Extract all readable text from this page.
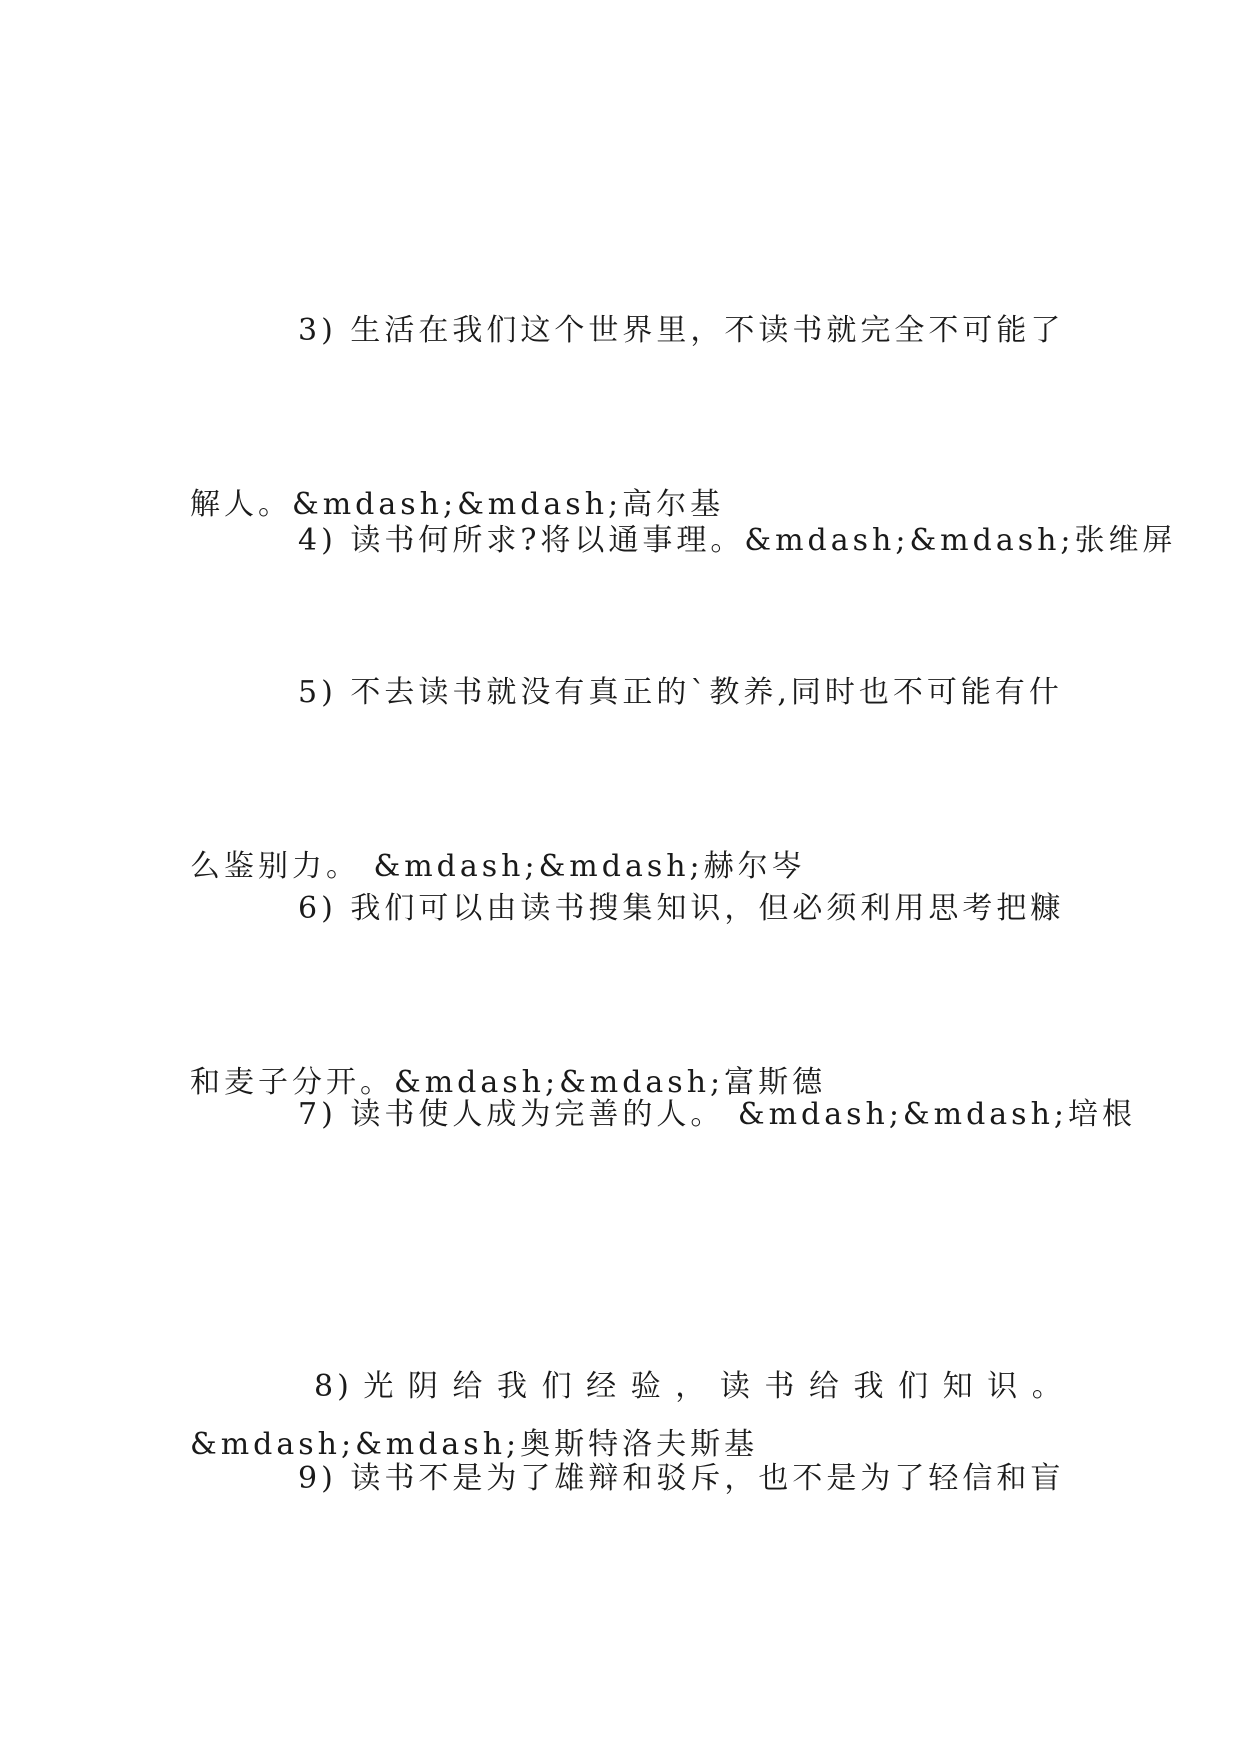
3) 生活在我们这个世界里，不读书就完全不可能了

解人。&mdash;&mdash;高尔基

4) 读书何所求?将以通事理。&mdash;&mdash;张维屏

5) 不去读书就没有真正的`教养,同时也不可能有什

么鉴别力。 &mdash;&mdash;赫尔岑

6) 我们可以由读书搜集知识，但必须利用思考把糠

和麦子分开。&mdash;&mdash;富斯德

7) 读书使人成为完善的人。 &mdash;&mdash;培根

8) 光 阴 给 我 们 经 验 ， 读 书 给 我 们 知 识 。

&mdash;&mdash;奥斯特洛夫斯基

9) 读书不是为了雄辩和驳斥，也不是为了轻信和盲
